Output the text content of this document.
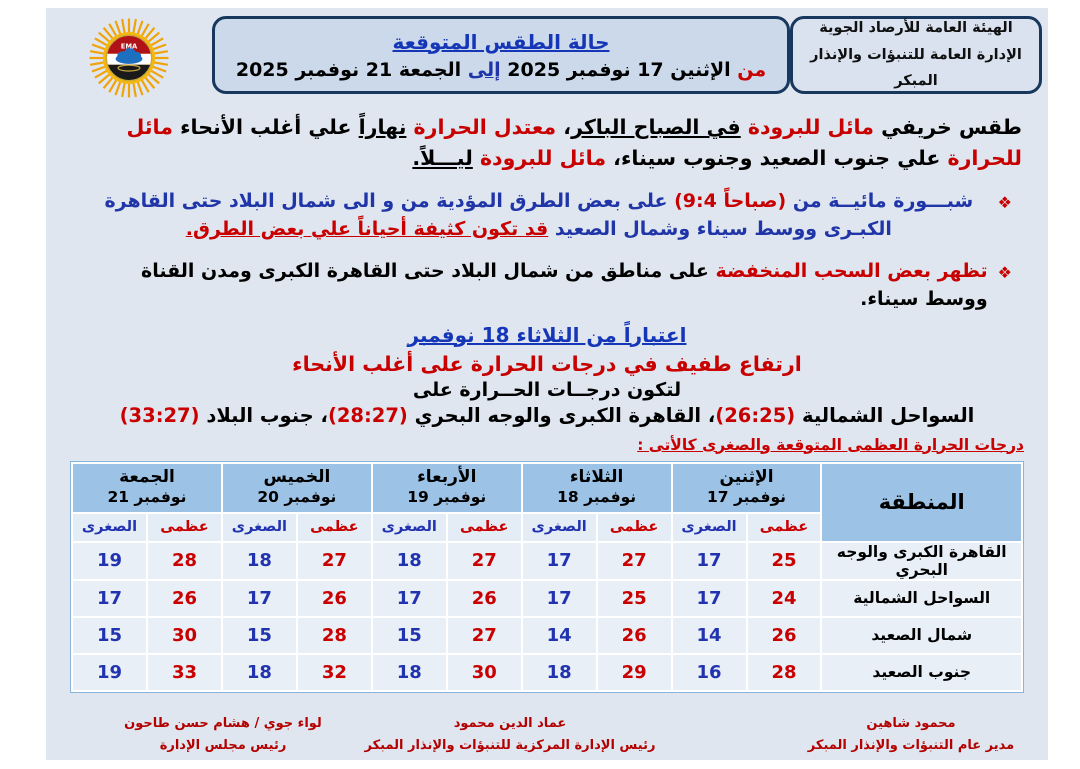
EMA	حالة الطقس المتوقعة
من الإثنين 17 نوفمبر 2025 إلى الجمعة 21 نوفمبر 2025
الهيئة العامة للأرصاد الجوية
الإدارة العامة للتنبؤات والإنذار المبكر
طقس خريفي مائل للبرودة في الصباح الباكر، معتدل الحرارة نهاراً علي أغلب الأنحاء مائل للحرارة علي جنوب الصعيد وجنوب سيناء، مائل للبرودة ليـــلاً.
❖
شبـــورة مائيــة من (9:4 صباحاً) على بعض الطرق المؤدية من و الى شمال البلاد حتى القاهرة الكبـرى ووسط سيناء وشمال الصعيد قد تكون كثيفة أحياناً علي بعض الطرق.
❖
تظهر بعض السحب المنخفضة على مناطق من شمال البلاد حتى القاهرة الكبرى ومدن القناة ووسط سيناء.
اعتباراً من الثلاثاء 18 نوفمبر
ارتفاع طفيف في درجات الحرارة على أغلب الأنحاء
لتكون درجــات الحــرارة على
السواحل الشمالية (26:25)، القاهرة الكبرى والوجه البحري (28:27)، جنوب البلاد (33:27)
درجات الحرارة العظمى المتوقعة والصغرى كالأتى :
المنطقة	
الإثنين
17 نوفمبر

الثلاثاء
18 نوفمبر

الأربعاء
19 نوفمبر

الخميس
20 نوفمبر

الجمعة
21 نوفمبر

	عظمى	الصغرى	عظمى	الصغرى	عظمى	الصغرى	عظمى	الصغرى	عظمى	الصغرى
القاهرة الكبرى والوجه البحري	25	17	27	17	27	18	27	18	28	19
السواحل الشمالية	24	17	25	17	26	17	26	17	26	17
شمال الصعيد	26	14	26	14	27	15	28	15	30	15
جنوب الصعيد	28	16	29	18	30	18	32	18	33	19
محمود شاهين
مدير عام التنبؤات والإنذار المبكر
عماد الدين محمود
رئيس الإدارة المركزية للتنبؤات والإنذار المبكر
لواء جوي / هشام حسن طاحون
رئيس مجلس الإدارة
